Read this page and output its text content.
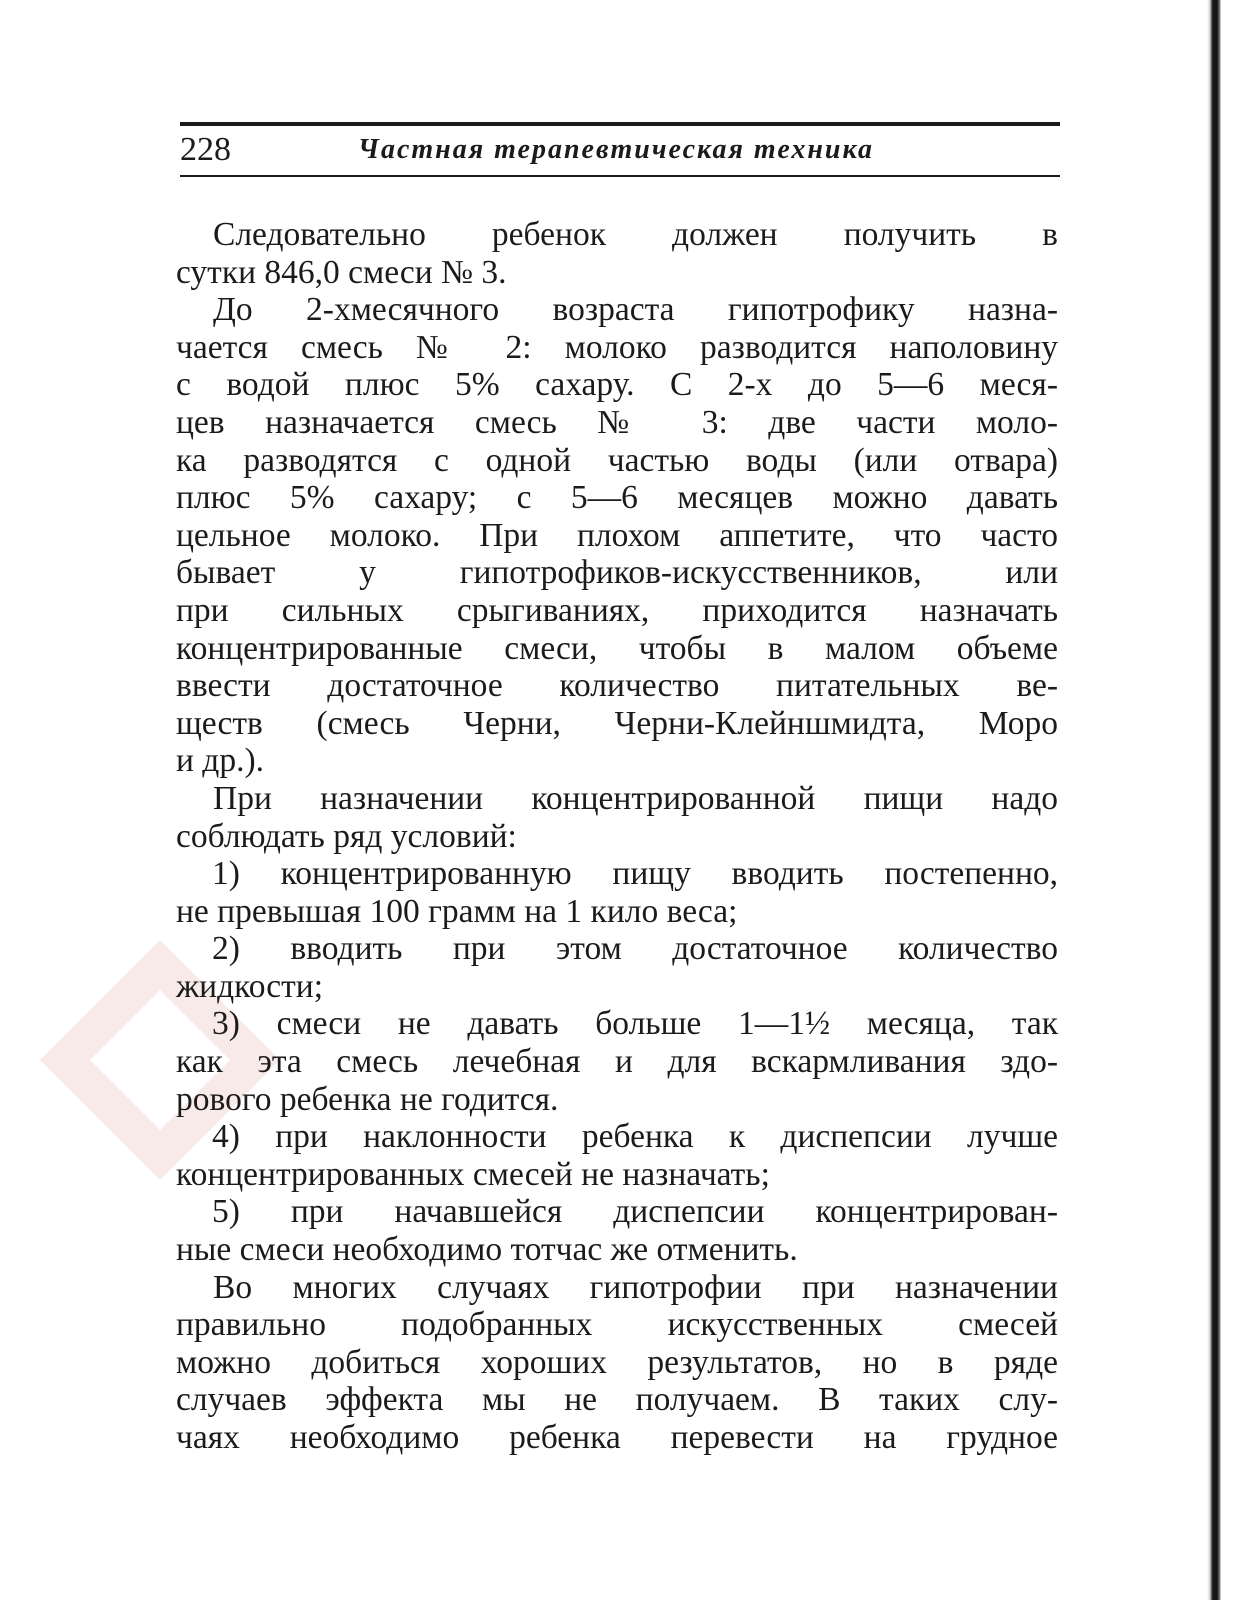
228	Частная терапевтическая техника
Следовательно ребенок должен получить в
сутки 846,0 смеси № 3.
До 2-хмесячного возраста гипотрофику назна-
чается смесь № 2: молоко разводится наполовину
с водой плюс 5% сахару. С 2-х до 5—6 меся-
цев назначается смесь № 3: две части моло-
ка разводятся с одной частью воды (или отвара)
плюс 5% сахару; с 5—6 месяцев можно давать
цельное молоко. При плохом аппетите, что часто
бывает у гипотрофиков-искусственников, или
при сильных срыгиваниях, приходится назначать
концентрированные смеси, чтобы в малом объеме
ввести достаточное количество питательных ве-
ществ (смесь Черни, Черни-Клейншмидта, Моро
и др.).
При назначении концентрированной пищи надо
соблюдать ряд условий:
1) концентрированную пищу вводить постепенно,
не превышая 100 грамм на 1 кило веса;
2) вводить при этом достаточное количество
жидкости;
3) смеси не давать больше 1—1½ месяца, так
как эта смесь лечебная и для вскармливания здо-
рового ребенка не годится.
4) при наклонности ребенка к диспепсии лучше
концентрированных смесей не назначать;
5) при начавшейся диспепсии концентрирован-
ные смеси необходимо тотчас же отменить.
Во многих случаях гипотрофии при назначении
правильно подобранных искусственных смесей
можно добиться хороших результатов, но в ряде
случаев эффекта мы не получаем. В таких слу-
чаях необходимо ребенка перевести на грудное
